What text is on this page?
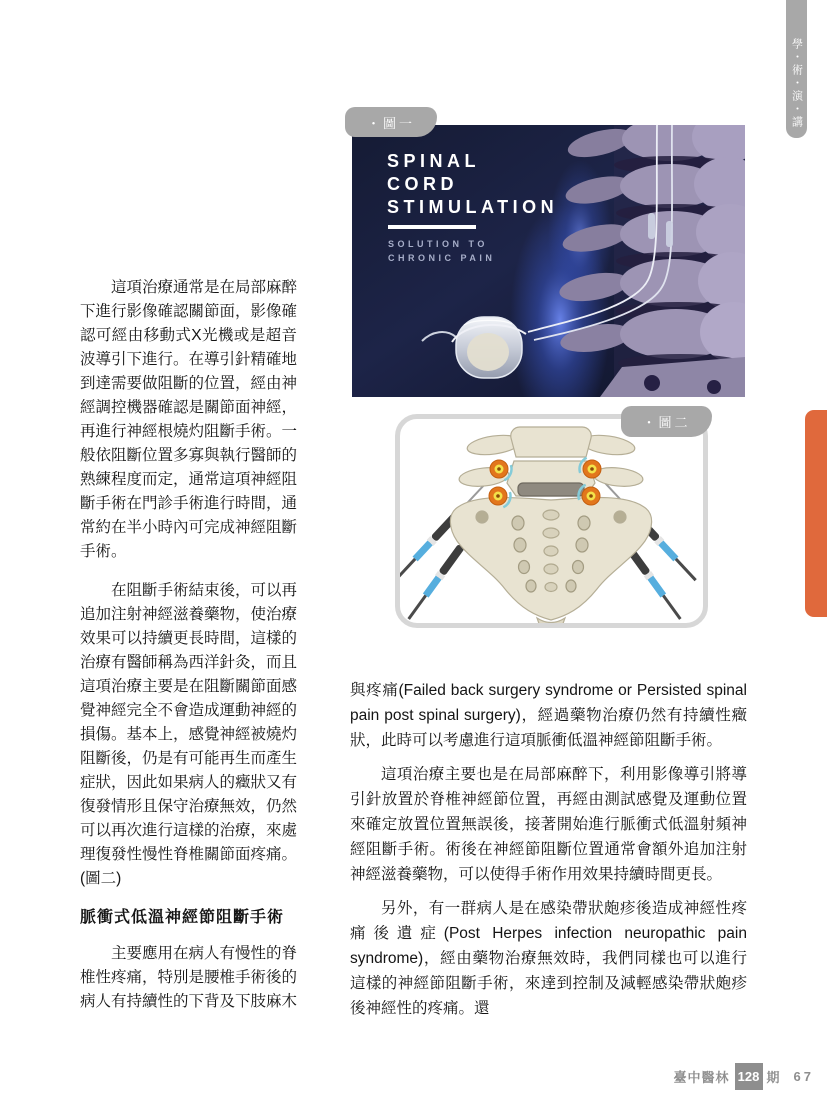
學・術・演・講
・圖一
SPINAL
CORD
STIMULATION
SOLUTION TO
CHRONIC PAIN
・圖二

這項治療通常是在局部麻醉下進行影像確認關節面，影像確認可經由移動式X光機或是超音波導引下進行。在導引針精確地到達需要做阻斷的位置，經由神經調控機器確認是關節面神經，再進行神經根燒灼阻斷手術。一般依阻斷位置多寡與執行醫師的熟練程度而定，通常這項神經阻斷手術在門診手術進行時間，通常約在半小時內可完成神經阻斷手術。

在阻斷手術結束後，可以再追加注射神經滋養藥物，使治療效果可以持續更長時間，這樣的治療有醫師稱為西洋針灸，而且這項治療主要是在阻斷關節面感覺神經完全不會造成運動神經的損傷。基本上，感覺神經被燒灼阻斷後，仍是有可能再生而產生症狀，因此如果病人的癥狀又有復發情形且保守治療無效，仍然可以再次進行這樣的治療，來處理復發性慢性脊椎關節面疼痛。(圖二)

脈衝式低溫神經節阻斷手術

主要應用在病人有慢性的脊椎性疼痛，特別是腰椎手術後的病人有持續性的下背及下肢麻木

與疼痛(Failed back surgery syndrome or Persisted spinal pain post spinal surgery)，經過藥物治療仍然有持續性癥狀，此時可以考慮進行這項脈衝低溫神經節阻斷手術。

這項治療主要也是在局部麻醉下，利用影像導引將導引針放置於脊椎神經節位置，再經由測試感覺及運動位置來確定放置位置無誤後，接著開始進行脈衝式低溫射頻神經阻斷手術。術後在神經節阻斷位置通常會額外追加注射神經滋養藥物，可以使得手術作用效果持續時間更長。

另外，有一群病人是在感染帶狀皰疹後造成神經性疼痛後遺症(Post Herpes infection neuropathic pain syndrome)，經由藥物治療無效時，我們同樣也可以進行這樣的神經節阻斷手術，來達到控制及減輕感染帶狀皰疹後神經性的疼痛。還

臺中醫林 128 期 67
